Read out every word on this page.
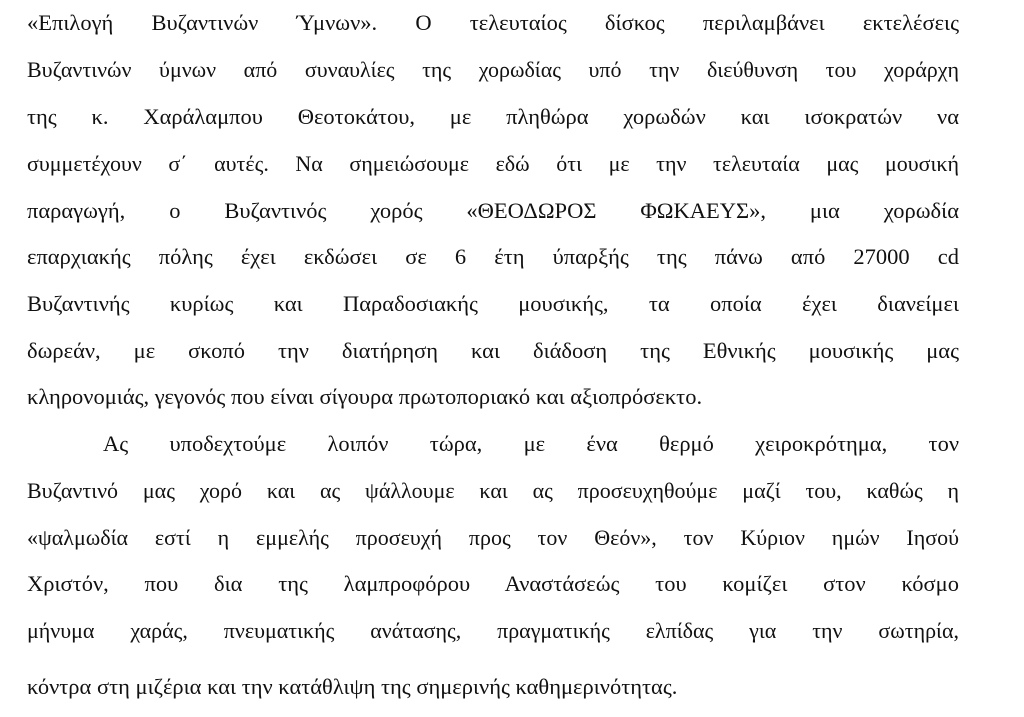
«Επιλογή Βυζαντινών Ύμνων». Ο τελευταίος δίσκος περιλαμβάνει εκτελέσεις
Βυζαντινών ύμνων από συναυλίες της χορωδίας υπό την διεύθυνση του χοράρχη
της κ. Χαράλαμπου Θεοτοκάτου, με πληθώρα χορωδών και ισοκρατών να
συμμετέχουν σ΄ αυτές. Να σημειώσουμε εδώ ότι με την τελευταία μας μουσική
παραγωγή, ο Βυζαντινός χορός «ΘΕΟΔΩΡΟΣ ΦΩΚΑΕΥΣ», μια χορωδία
επαρχιακής πόλης έχει εκδώσει σε 6 έτη ύπαρξής της πάνω από 27000 cd
Βυζαντινής κυρίως και Παραδοσιακής μουσικής, τα οποία έχει διανείμει
δωρεάν, με σκοπό την διατήρηση και διάδοση της Εθνικής μουσικής μας
κληρονομιάς, γεγονός που είναι σίγουρα πρωτοποριακό και αξιοπρόσεκτο.
Ας υποδεχτούμε λοιπόν τώρα, με ένα θερμό χειροκρότημα, τον
Βυζαντινό μας χορό και ας ψάλλουμε και ας προσευχηθούμε μαζί του, καθώς η
«ψαλμωδία εστί η εμμελής προσευχή προς τον Θεόν», τον Κύριον ημών Ιησού
Χριστόν, που δια της λαμπροφόρου Αναστάσεώς του κομίζει στον κόσμο
μήνυμα χαράς, πνευματικής ανάτασης, πραγματικής ελπίδας για την σωτηρία,
κόντρα στη μιζέρια και την κατάθλιψη της σημερινής καθημερινότητας.
